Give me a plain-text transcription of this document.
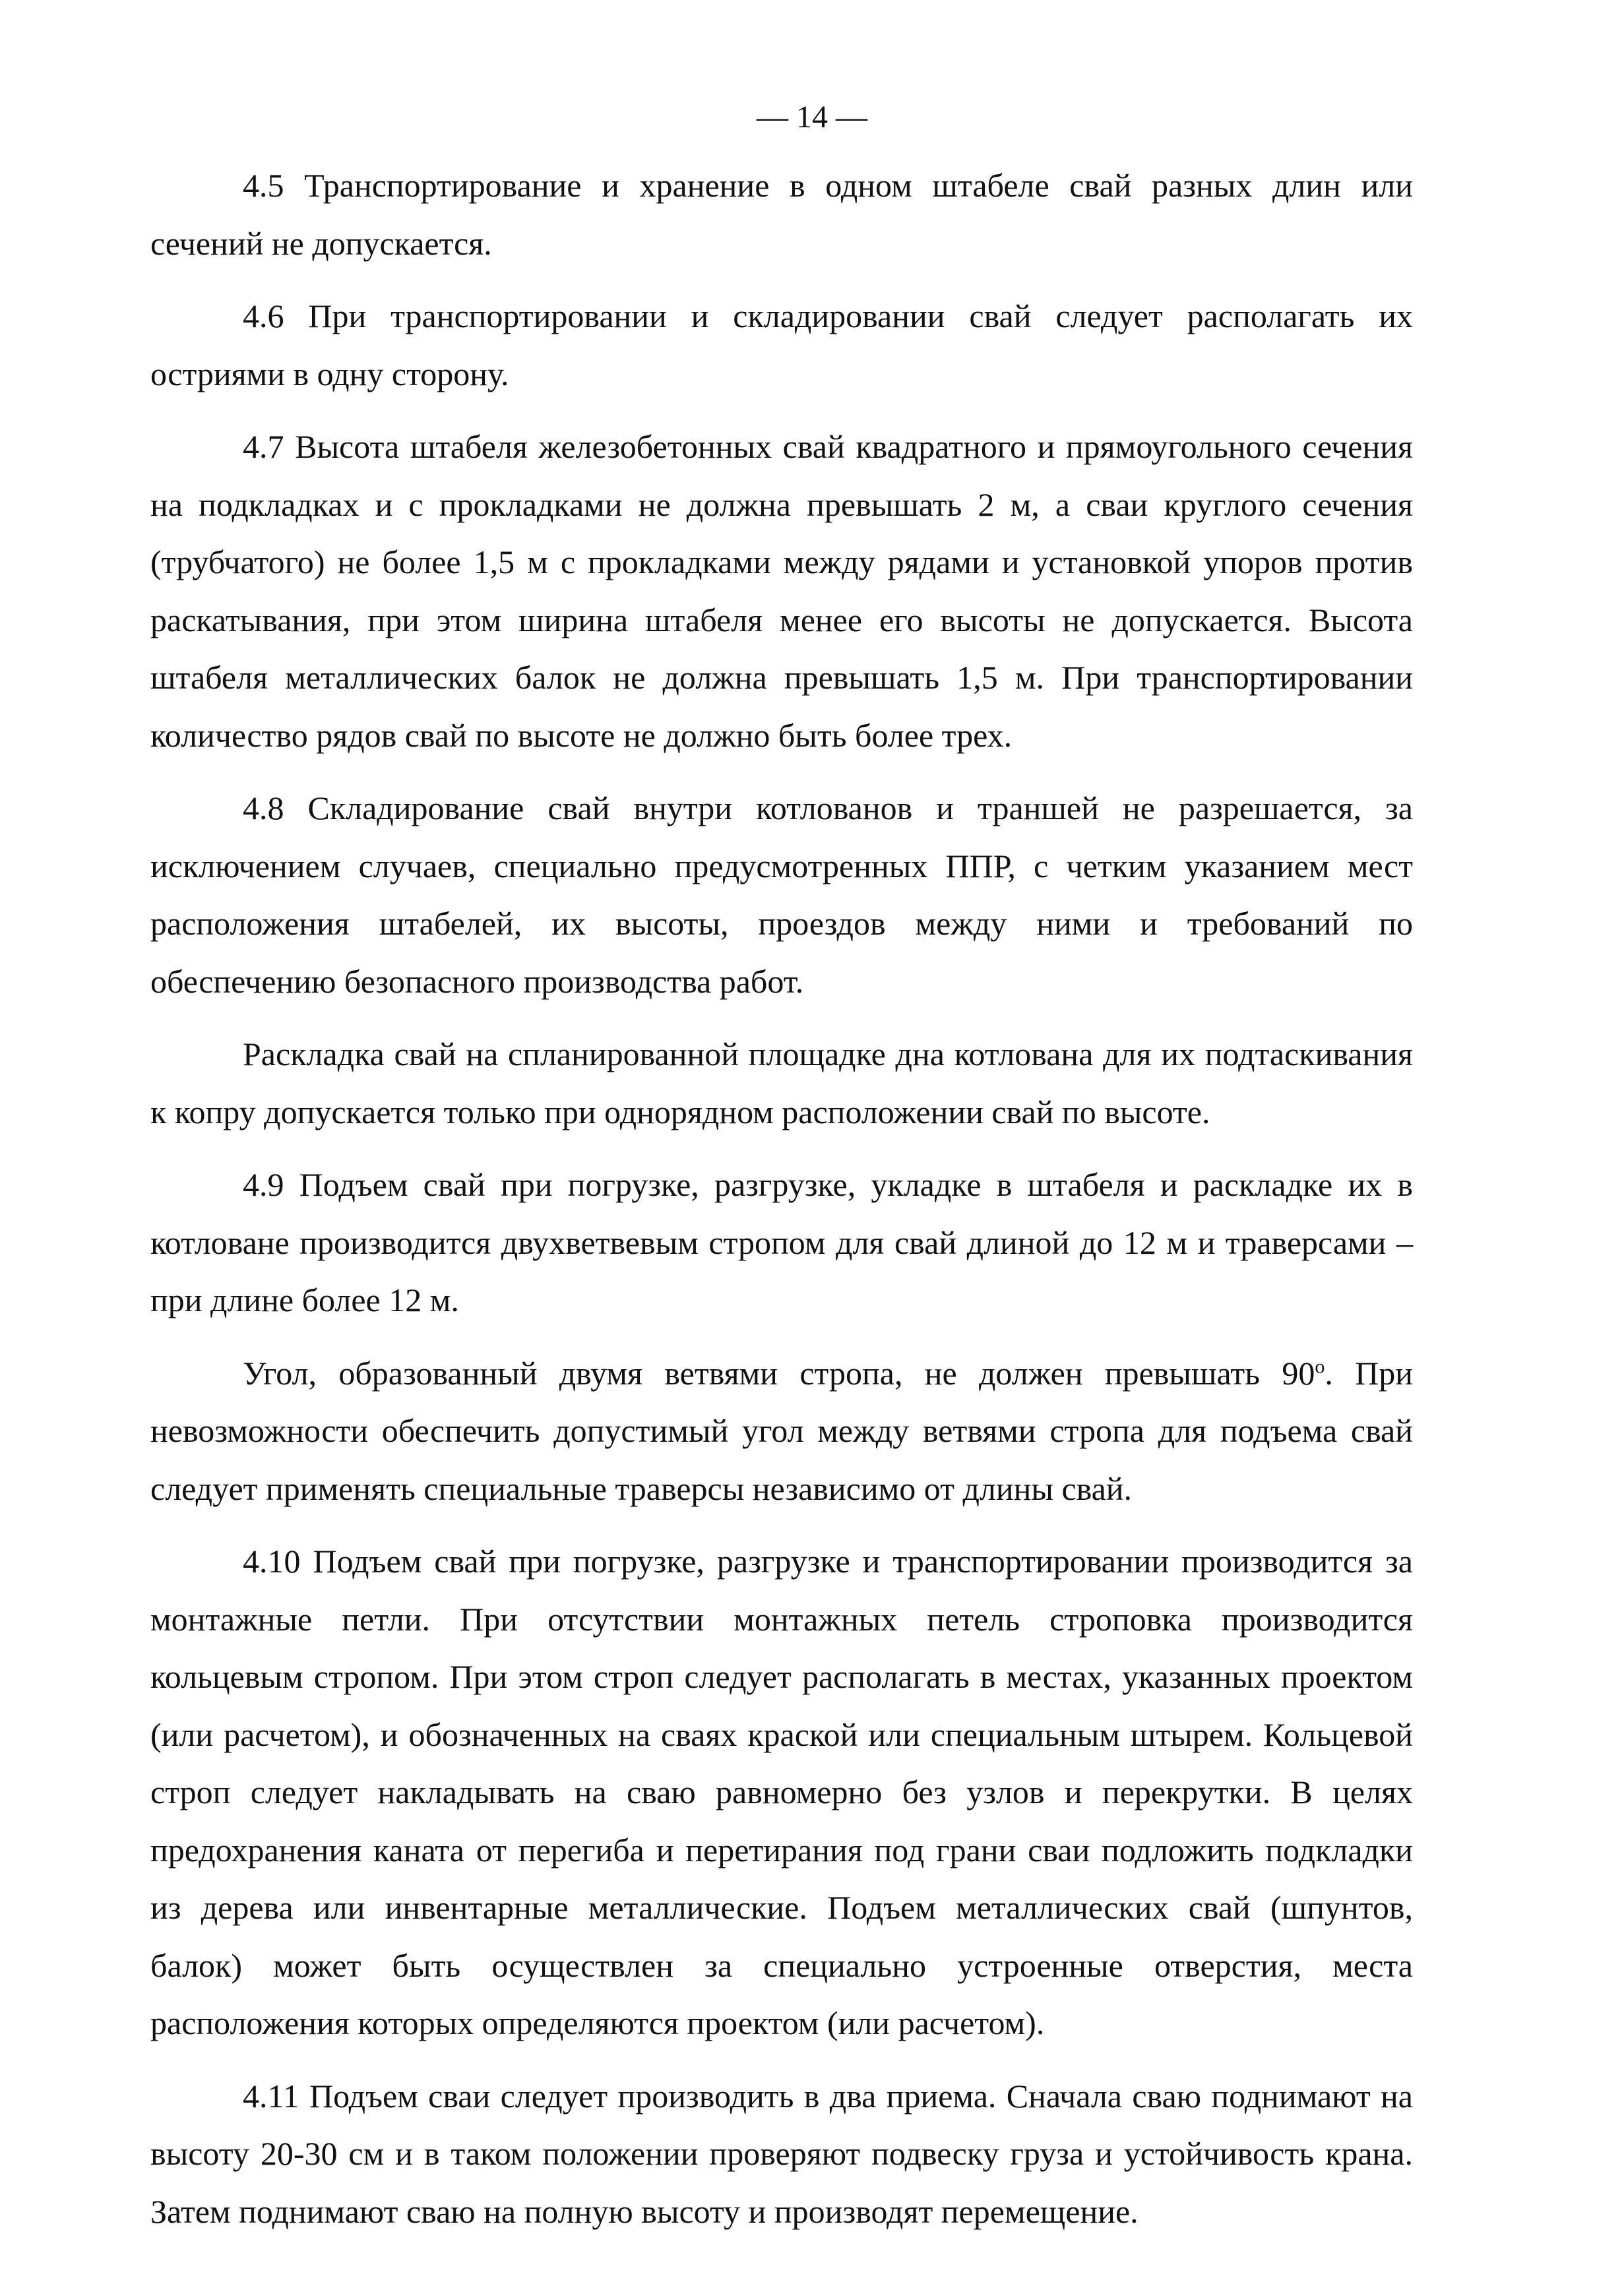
— 14 —

4.5 Транспортирование и хранение в одном штабеле свай разных длин или сечений не допускается.

4.6 При транспортировании и складировании свай следует располагать их остриями в одну сторону.

4.7 Высота штабеля железобетонных свай квадратного и прямоугольного сечения на подкладках и с прокладками не должна превышать 2 м, а сваи круглого сечения (трубчатого) не более 1,5 м с прокладками между рядами и установкой упоров против раскатывания, при этом ширина штабеля менее его высоты не допускается. Высота штабеля металлических балок не должна превышать 1,5 м. При транспортировании количество рядов свай по высоте не должно быть более трех.

4.8 Складирование свай внутри котлованов и траншей не разрешается, за исключением случаев, специально предусмотренных ППР, с четким указанием мест расположения штабелей, их высоты, проездов между ними и требований по обеспечению безопасного производства работ.

Раскладка свай на спланированной площадке дна котлована для их подтаскивания к копру допускается только при однорядном расположении свай по высоте.

4.9 Подъем свай при погрузке, разгрузке, укладке в штабеля и раскладке их в котловане производится двухветвевым стропом для свай длиной до 12 м и траверсами – при длине более 12 м.

Угол, образованный двумя ветвями стропа, не должен превышать $90^о$. При невозможности обеспечить допустимый угол между ветвями стропа для подъема свай следует применять специальные траверсы независимо от длины свай.

4.10 Подъем свай при погрузке, разгрузке и транспортировании производится за монтажные петли. При отсутствии монтажных петель строповка производится кольцевым стропом. При этом строп следует располагать в местах, указанных проектом (или расчетом), и обозначенных на сваях краской или специальным штырем. Кольцевой строп следует накладывать на сваю равномерно без узлов и перекрутки. В целях предохранения каната от перегиба и перетирания под грани сваи подложить подкладки из дерева или инвентарные металлические. Подъем металлических свай (шпунтов, балок) может быть осуществлен за специально устроенные отверстия, места расположения которых определяются проектом (или расчетом).

4.11 Подъем сваи следует производить в два приема. Сначала сваю поднимают на высоту 20-30 см и в таком положении проверяют подвеску груза и устойчивость крана. Затем поднимают сваю на полную высоту и производят перемещение.
